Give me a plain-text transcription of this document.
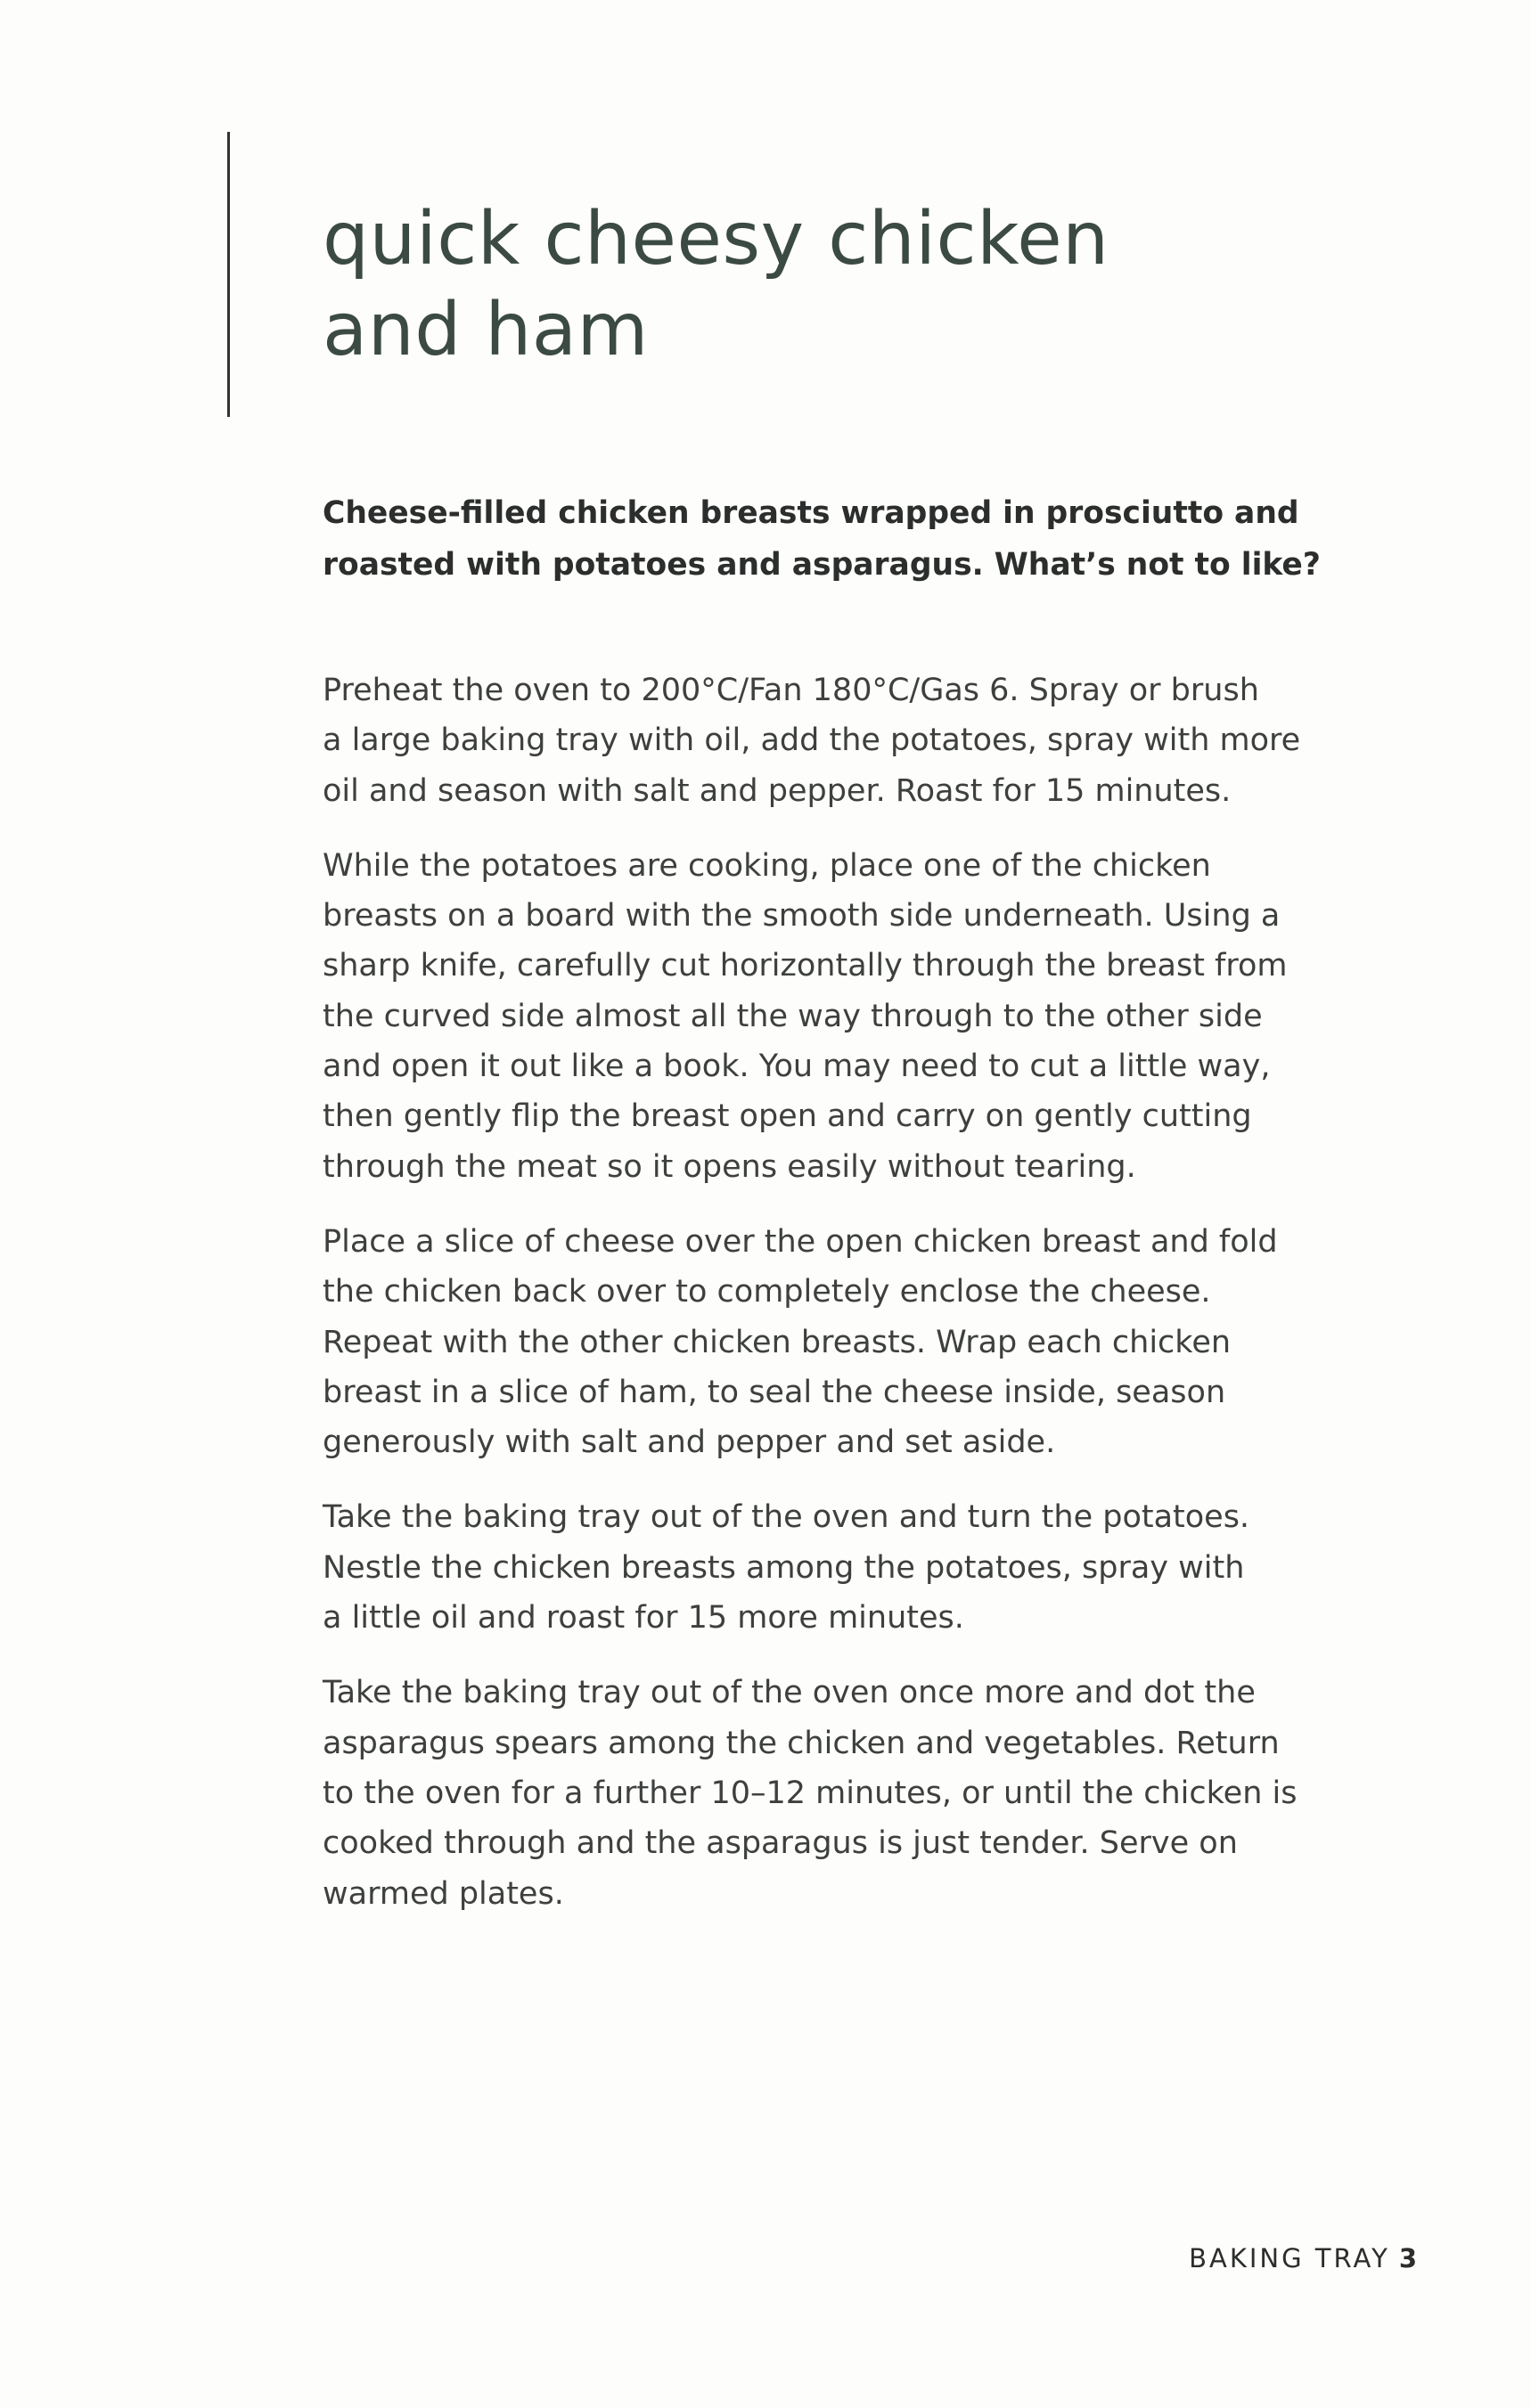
quick cheesy chicken
and ham

Cheese-filled chicken breasts wrapped in prosciutto and
roasted with potatoes and asparagus. What’s not to like?

Preheat the oven to 200°C/Fan 180°C/Gas 6. Spray or brush
a large baking tray with oil, add the potatoes, spray with more
oil and season with salt and pepper. Roast for 15 minutes.

While the potatoes are cooking, place one of the chicken
breasts on a board with the smooth side underneath. Using a
sharp knife, carefully cut horizontally through the breast from
the curved side almost all the way through to the other side
and open it out like a book. You may need to cut a little way,
then gently flip the breast open and carry on gently cutting
through the meat so it opens easily without tearing.

Place a slice of cheese over the open chicken breast and fold
the chicken back over to completely enclose the cheese.
Repeat with the other chicken breasts. Wrap each chicken
breast in a slice of ham, to seal the cheese inside, season
generously with salt and pepper and set aside.

Take the baking tray out of the oven and turn the potatoes.
Nestle the chicken breasts among the potatoes, spray with
a little oil and roast for 15 more minutes.

Take the baking tray out of the oven once more and dot the
asparagus spears among the chicken and vegetables. Return
to the oven for a further 10–12 minutes, or until the chicken is
cooked through and the asparagus is just tender. Serve on
warmed plates.

BAKING TRAY 3
